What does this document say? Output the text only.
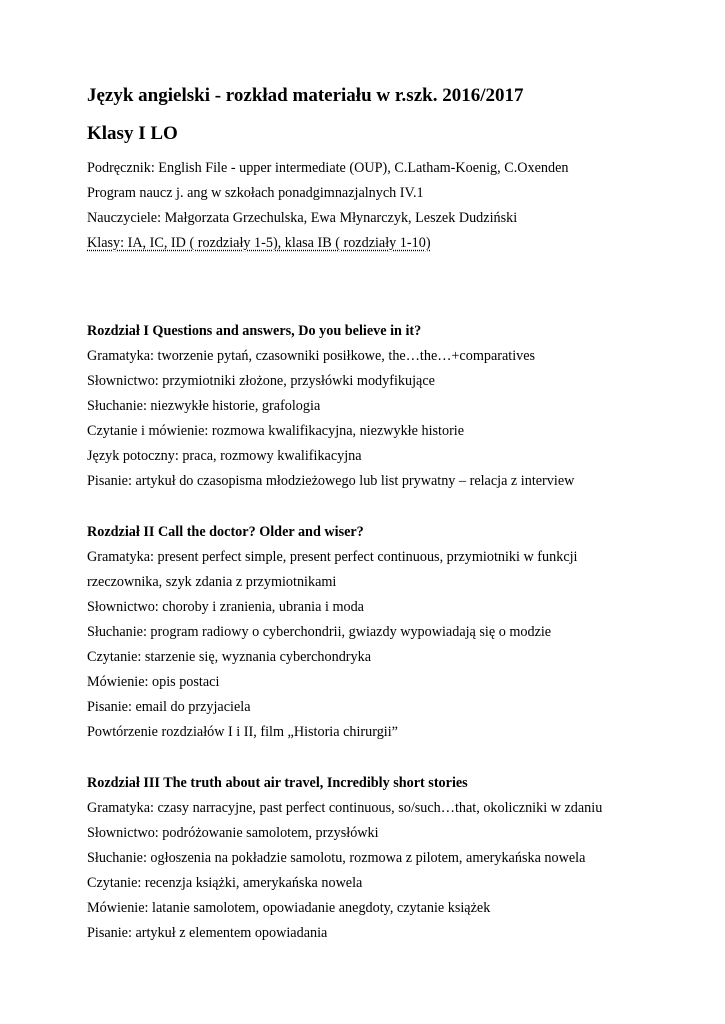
Język angielski - rozkład materiału w r.szk. 2016/2017
Klasy I LO

Podręcznik: English File - upper intermediate (OUP), C.Latham-Koenig, C.Oxenden

Program naucz j. ang w szkołach ponadgimnazjalnych IV.1

Nauczyciele: Małgorzata Grzechulska, Ewa Młynarczyk, Leszek Dudziński

Klasy: IA, IC, ID ( rozdziały 1-5), klasa IB ( rozdziały 1-10)

Rozdział I Questions and answers, Do you believe in it?

Gramatyka: tworzenie pytań, czasowniki posiłkowe, the…the…+comparatives

Słownictwo: przymiotniki złożone, przysłówki modyfikujące

Słuchanie: niezwykłe historie, grafologia

Czytanie i mówienie: rozmowa kwalifikacyjna, niezwykłe historie

Język potoczny: praca, rozmowy kwalifikacyjna

Pisanie: artykuł do czasopisma młodzieżowego lub list prywatny – relacja z interview

Rozdział II Call the doctor? Older and wiser?

Gramatyka: present perfect simple, present perfect continuous, przymiotniki w funkcji

rzeczownika, szyk zdania z przymiotnikami

Słownictwo: choroby i zranienia, ubrania i moda

Słuchanie: program radiowy o cyberchondrii, gwiazdy wypowiadają się o modzie

Czytanie: starzenie się, wyznania cyberchondryka

Mówienie: opis postaci

Pisanie: email do przyjaciela

Powtórzenie rozdziałów I i II, film „Historia chirurgii”

Rozdział III The truth about air travel, Incredibly short stories

Gramatyka: czasy narracyjne, past perfect continuous, so/such…that, okoliczniki w zdaniu

Słownictwo: podróżowanie samolotem, przysłówki

Słuchanie: ogłoszenia na pokładzie samolotu, rozmowa z pilotem, amerykańska nowela

Czytanie: recenzja książki, amerykańska nowela

Mówienie: latanie samolotem, opowiadanie anegdoty, czytanie książek

Pisanie: artykuł z elementem opowiadania
